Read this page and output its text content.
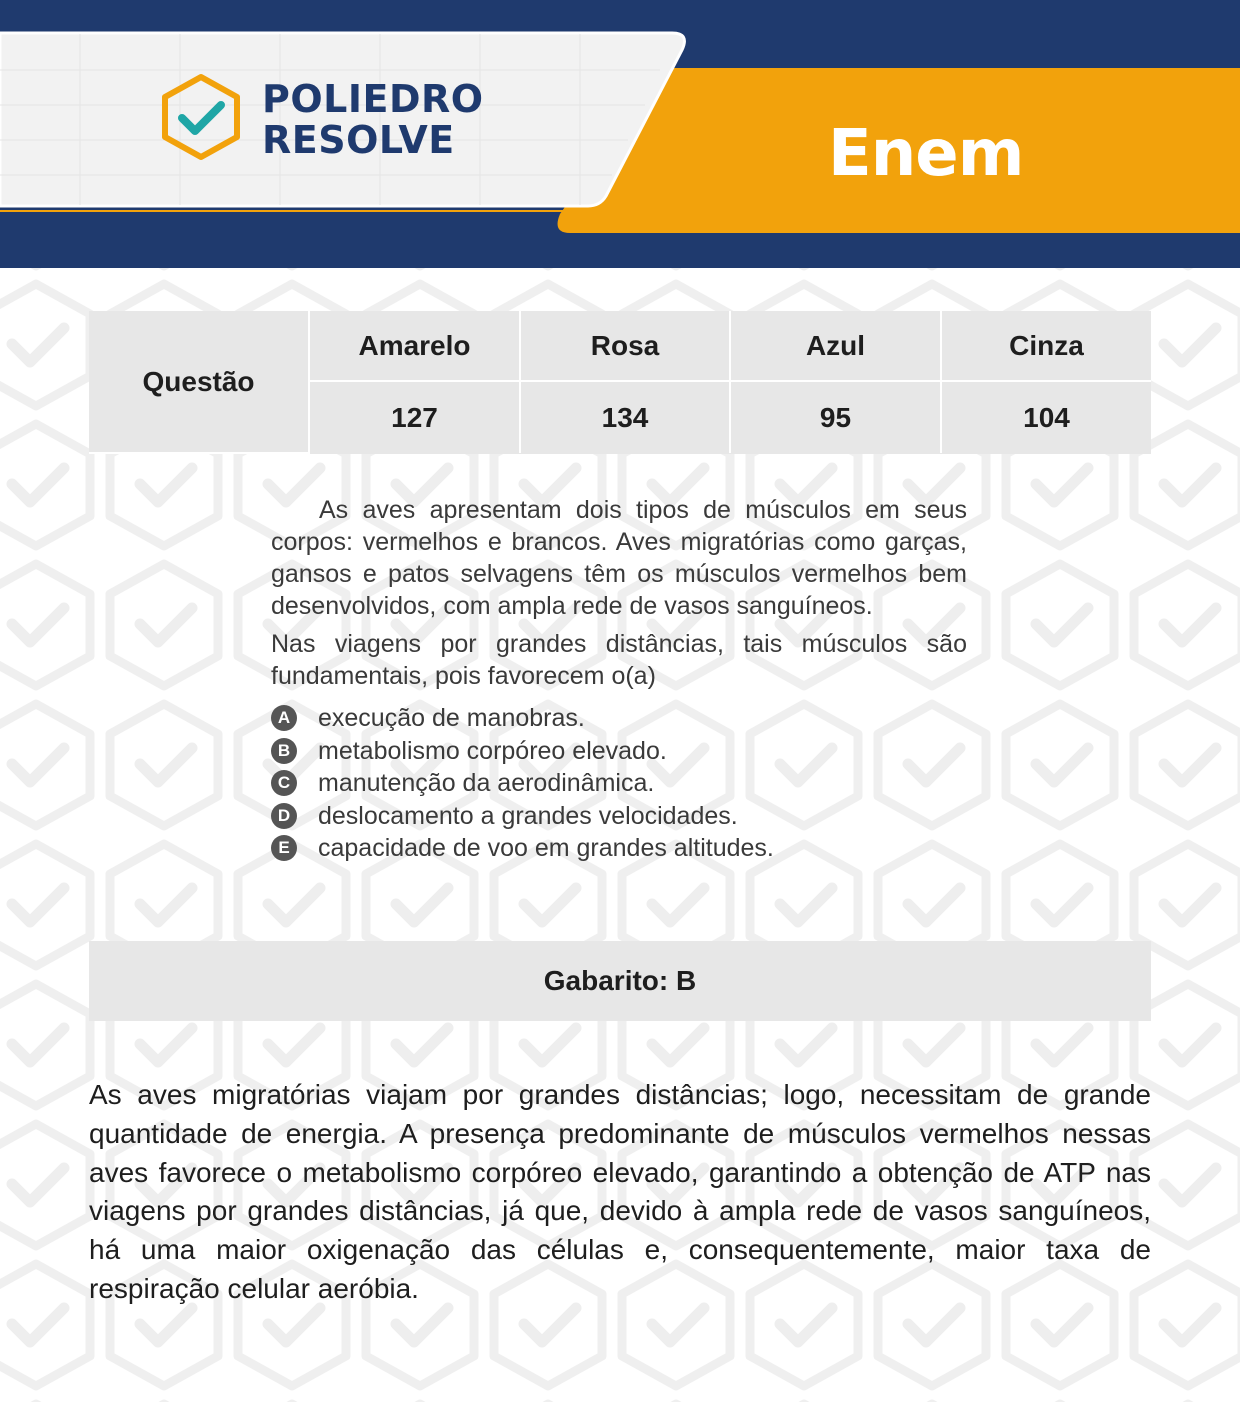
POLIEDRO
RESOLVE	Enem
Questão	Amarelo	Rosa	Azul	Cinza
	127	134	95	104

As aves apresentam dois tipos de músculos em seus corpos: vermelhos e brancos. Aves migratórias como garças, gansos e patos selvagens têm os músculos vermelhos bem desenvolvidos, com ampla rede de vasos sanguíneos.

Nas viagens por grandes distâncias, tais músculos são fundamentais, pois favorecem o(a)

A execução de manobras.
B metabolismo corpóreo elevado.
C manutenção da aerodinâmica.
D deslocamento a grandes velocidades.
E capacidade de voo em grandes altitudes.
Gabarito: B

As aves migratórias viajam por grandes distâncias; logo, necessitam de grande quantidade de energia. A presença predominante de músculos vermelhos nessas aves favorece o metabolismo corpóreo elevado, garantindo a obtenção de ATP nas viagens por grandes distâncias, já que, devido à ampla rede de vasos sanguíneos, há uma maior oxigenação das células e, consequentemente, maior taxa de respiração celular aeróbia.
